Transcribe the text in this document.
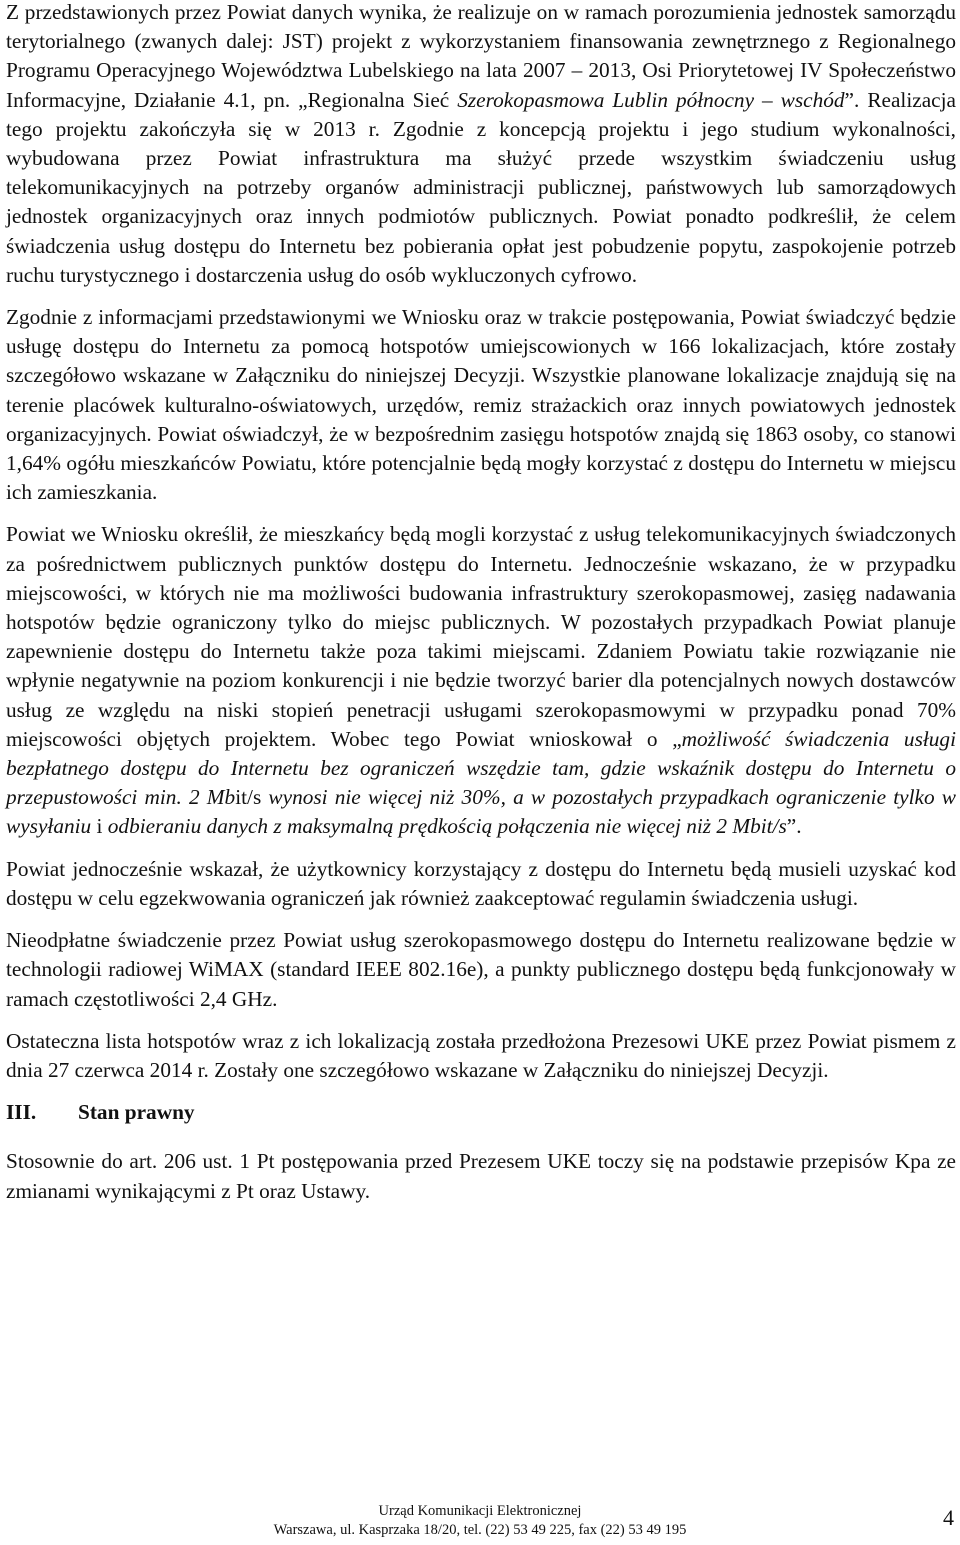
Z przedstawionych przez Powiat danych wynika, że realizuje on w ramach porozumienia jednostek samorządu terytorialnego (zwanych dalej: JST) projekt z wykorzystaniem finansowania zewnętrznego z Regionalnego Programu Operacyjnego Województwa Lubelskiego na lata 2007 – 2013, Osi Priorytetowej IV Społeczeństwo Informacyjne, Działanie 4.1, pn. „Regionalna Sieć Szerokopasmowa Lublin północny – wschód”. Realizacja tego projektu zakończyła się w 2013 r. Zgodnie z koncepcją projektu i jego studium wykonalności, wybudowana przez Powiat infrastruktura ma służyć przede wszystkim świadczeniu usług telekomunikacyjnych na potrzeby organów administracji publicznej, państwowych lub samorządowych jednostek organizacyjnych oraz innych podmiotów publicznych. Powiat ponadto podkreślił, że celem świadczenia usług dostępu do Internetu bez pobierania opłat jest pobudzenie popytu, zaspokojenie potrzeb ruchu turystycznego i dostarczenia usług do osób wykluczonych cyfrowo.

Zgodnie z informacjami przedstawionymi we Wniosku oraz w trakcie postępowania, Powiat świadczyć będzie usługę dostępu do Internetu za pomocą hotspotów umiejscowionych w 166 lokalizacjach, które zostały szczegółowo wskazane w Załączniku do niniejszej Decyzji. Wszystkie planowane lokalizacje znajdują się na terenie placówek kulturalno-oświatowych, urzędów, remiz strażackich oraz innych powiatowych jednostek organizacyjnych. Powiat oświadczył, że w bezpośrednim zasięgu hotspotów znajdą się 1863 osoby, co stanowi 1,64% ogółu mieszkańców Powiatu, które potencjalnie będą mogły korzystać z dostępu do Internetu w miejscu ich zamieszkania.

Powiat we Wniosku określił, że mieszkańcy będą mogli korzystać z usług telekomunikacyjnych świadczonych za pośrednictwem publicznych punktów dostępu do Internetu. Jednocześnie wskazano, że w przypadku miejscowości, w których nie ma możliwości budowania infrastruktury szerokopasmowej, zasięg nadawania hotspotów będzie ograniczony tylko do miejsc publicznych. W pozostałych przypadkach Powiat planuje zapewnienie dostępu do Internetu także poza takimi miejscami. Zdaniem Powiatu takie rozwiązanie nie wpłynie negatywnie na poziom konkurencji i nie będzie tworzyć barier dla potencjalnych nowych dostawców usług ze względu na niski stopień penetracji usługami szerokopasmowymi w przypadku ponad 70% miejscowości objętych projektem. Wobec tego Powiat wnioskował o „możliwość świadczenia usługi bezpłatnego dostępu do Internetu bez ograniczeń wszędzie tam, gdzie wskaźnik dostępu do Internetu o przepustowości min. 2 Mbit/s wynosi nie więcej niż 30%, a w pozostałych przypadkach ograniczenie tylko w wysyłaniu i odbieraniu danych z maksymalną prędkością połączenia nie więcej niż 2 Mbit/s”.

Powiat jednocześnie wskazał, że użytkownicy korzystający z dostępu do Internetu będą musieli uzyskać kod dostępu w celu egzekwowania ograniczeń jak również zaakceptować regulamin świadczenia usługi.

Nieodpłatne świadczenie przez Powiat usług szerokopasmowego dostępu do Internetu realizowane będzie w technologii radiowej WiMAX (standard IEEE 802.16e), a punkty publicznego dostępu będą funkcjonowały w ramach częstotliwości 2,4 GHz.

Ostateczna lista hotspotów wraz z ich lokalizacją została przedłożona Prezesowi UKE przez Powiat pismem z dnia 27 czerwca 2014 r. Zostały one szczegółowo wskazane w Załączniku do niniejszej Decyzji.

III.	Stan prawny

Stosownie do art. 206 ust. 1 Pt postępowania przed Prezesem UKE toczy się na podstawie przepisów Kpa ze zmianami wynikającymi z Pt oraz Ustawy.

Urząd Komunikacji Elektronicznej
Warszawa, ul. Kasprzaka 18/20, tel. (22) 53 49 225, fax (22) 53 49 195	4
